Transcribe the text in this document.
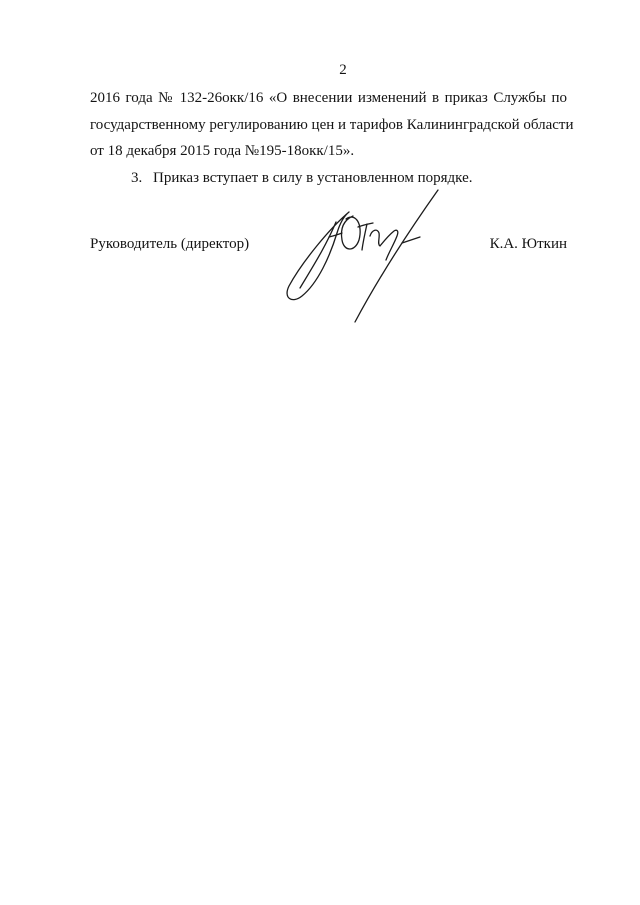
2
2016 года № 132-26окк/16 «О внесении изменений в приказ Службы по
государственному регулированию цен и тарифов Калининградской области
от 18 декабря 2015 года №195-18окк/15».
3. Приказ вступает в силу в установленном порядке.
Руководитель (директор)	К.А. Юткин
